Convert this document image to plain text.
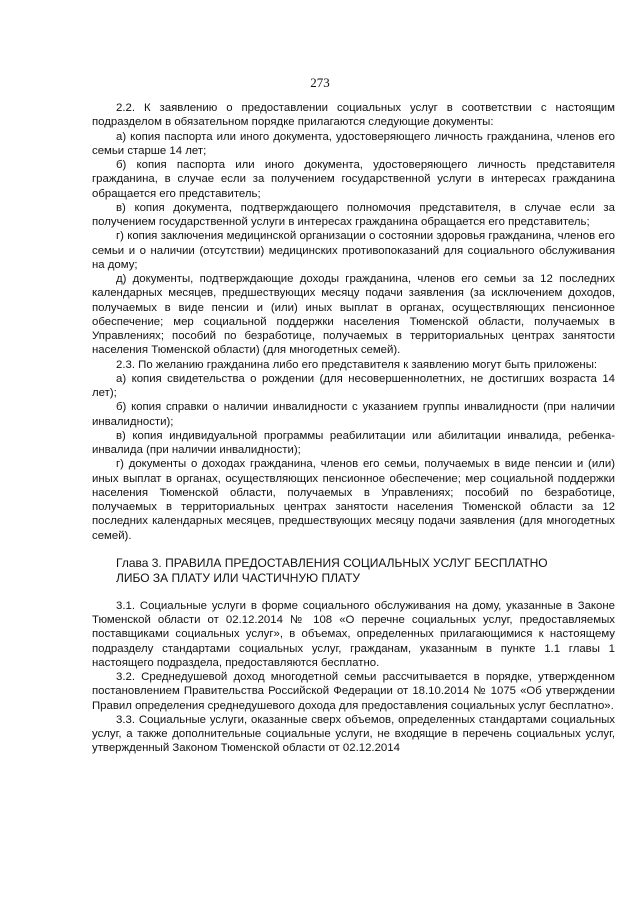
273

2.2. К заявлению о предоставлении социальных услуг в соответствии с настоящим подразделом в обязательном порядке прилагаются следующие документы:

а) копия паспорта или иного документа, удостоверяющего личность гражданина, членов его семьи старше 14 лет;

б) копия паспорта или иного документа, удостоверяющего личность представителя гражданина, в случае если за получением государственной услуги в интересах гражданина обращается его представитель;

в) копия документа, подтверждающего полномочия представителя, в случае если за получением государственной услуги в интересах гражданина обращается его представитель;

г) копия заключения медицинской организации о состоянии здоровья гражданина, членов его семьи и о наличии (отсутствии) медицинских противопоказаний для социального обслуживания на дому;

д) документы, подтверждающие доходы гражданина, членов его семьи за 12 последних календарных месяцев, предшествующих месяцу подачи заявления (за исключением доходов, получаемых в виде пенсии и (или) иных выплат в органах, осуществляющих пенсионное обеспечение; мер социальной поддержки населения Тюменской области, получаемых в Управлениях; пособий по безработице, получаемых в территориальных центрах занятости населения Тюменской области) (для многодетных семей).

2.3. По желанию гражданина либо его представителя к заявлению могут быть приложены:

а) копия свидетельства о рождении (для несовершеннолетних, не достигших возраста 14 лет);

б) копия справки о наличии инвалидности с указанием группы инвалидности (при наличии инвалидности);

в) копия индивидуальной программы реабилитации или абилитации инвалида, ребенка-инвалида (при наличии инвалидности);

г) документы о доходах гражданина, членов его семьи, получаемых в виде пенсии и (или) иных выплат в органах, осуществляющих пенсионное обеспечение; мер социальной поддержки населения Тюменской области, получаемых в Управлениях; пособий по безработице, получаемых в территориальных центрах занятости населения Тюменской области за 12 последних календарных месяцев, предшествующих месяцу подачи заявления (для многодетных семей).

Глава 3. ПРАВИЛА ПРЕДОСТАВЛЕНИЯ СОЦИАЛЬНЫХ УСЛУГ БЕСПЛАТНО

ЛИБО ЗА ПЛАТУ ИЛИ ЧАСТИЧНУЮ ПЛАТУ

3.1. Социальные услуги в форме социального обслуживания на дому, указанные в Законе Тюменской области от 02.12.2014 № 108 «О перечне социальных услуг, предоставляемых поставщиками социальных услуг», в объемах, определенных прилагающимися к настоящему подразделу стандартами социальных услуг, гражданам, указанным в пункте 1.1 главы 1 настоящего подраздела, предоставляются бесплатно.

3.2. Среднедушевой доход многодетной семьи рассчитывается в порядке, утвержденном постановлением Правительства Российской Федерации от 18.10.2014 № 1075 «Об утверждении Правил определения среднедушевого дохода для предоставления социальных услуг бесплатно».

3.3. Социальные услуги, оказанные сверх объемов, определенных стандартами социальных услуг, а также дополнительные социальные услуги, не входящие в перечень социальных услуг, утвержденный Законом Тюменской области от 02.12.2014
